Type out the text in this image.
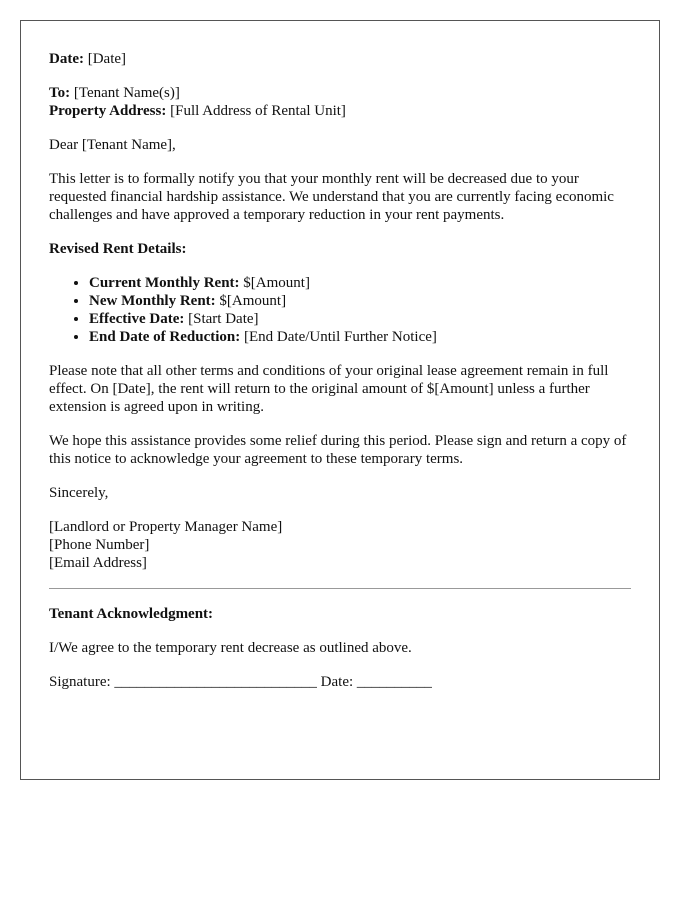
Date: [Date]

To: [Tenant Name(s)]
Property Address: [Full Address of Rental Unit]

Dear [Tenant Name],

This letter is to formally notify you that your monthly rent will be decreased due to your requested financial hardship assistance. We understand that you are currently facing economic challenges and have approved a temporary reduction in your rent payments.

Revised Rent Details:

• Current Monthly Rent: $[Amount]
• New Monthly Rent: $[Amount]
• Effective Date: [Start Date]
• End Date of Reduction: [End Date/Until Further Notice]

Please note that all other terms and conditions of your original lease agreement remain in full effect. On [Date], the rent will return to the original amount of $[Amount] unless a further extension is agreed upon in writing.

We hope this assistance provides some relief during this period. Please sign and return a copy of this notice to acknowledge your agreement to these temporary terms.

Sincerely,

[Landlord or Property Manager Name]
[Phone Number]
[Email Address]

Tenant Acknowledgment:

I/We agree to the temporary rent decrease as outlined above.

Signature: ___________________________ Date: __________
